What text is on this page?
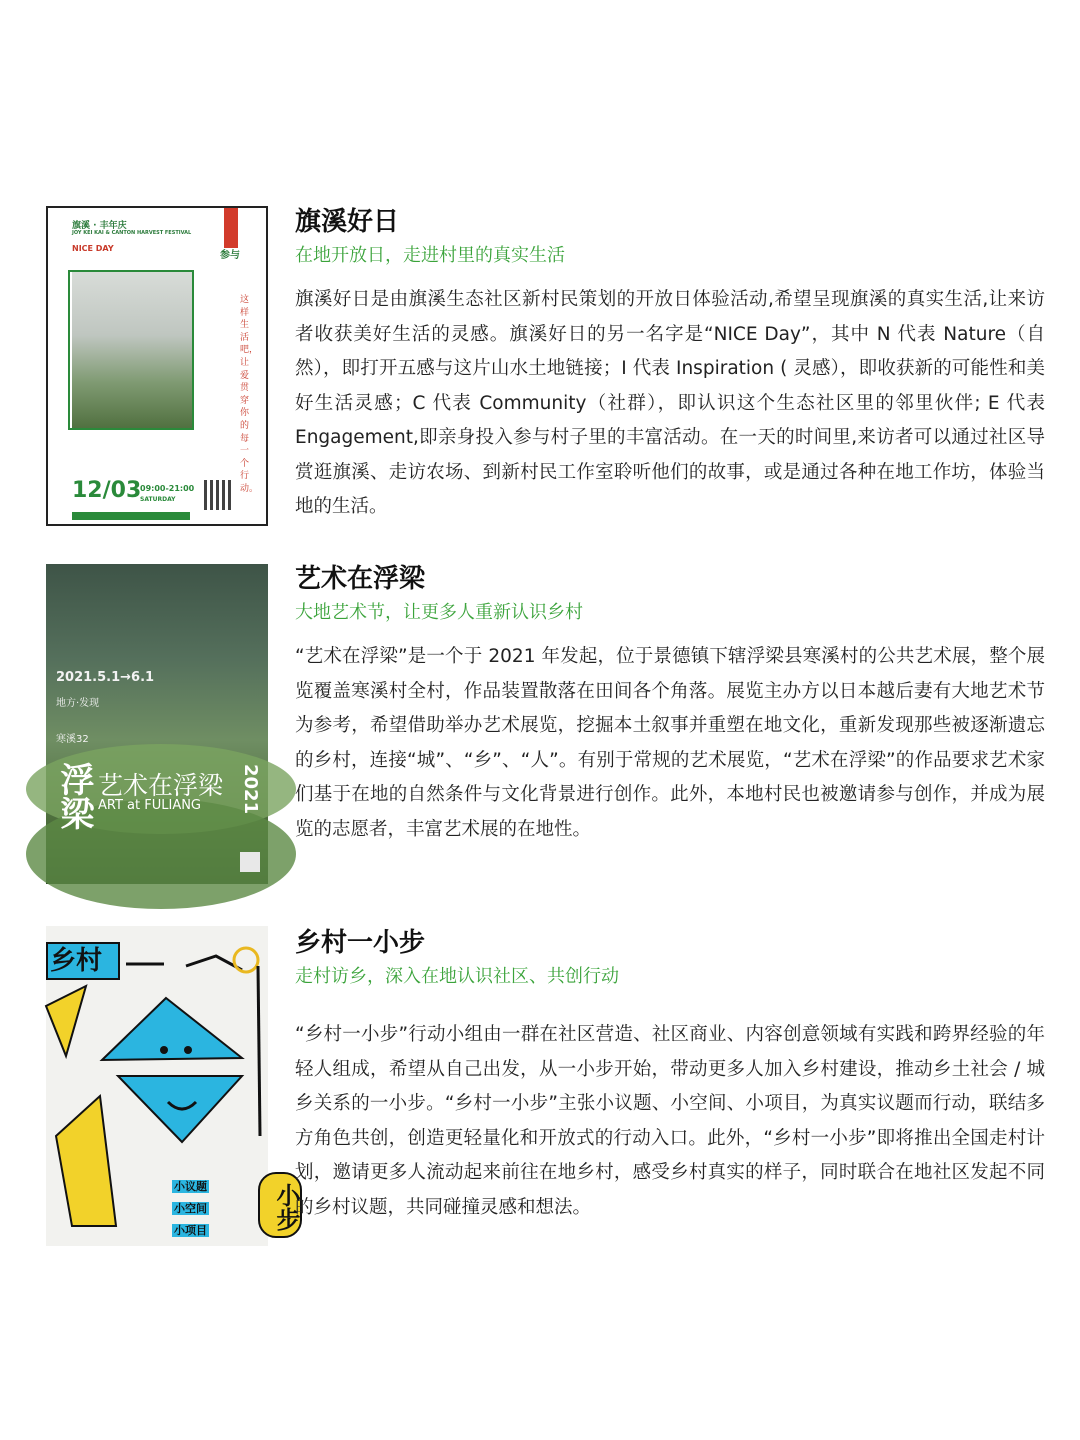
旗溪 · 丰年庆
JOY KEI KAI & CANTON HARVEST FESTIVAL
NICE DAY
参与
这样生活吧，让爱贯穿你的每一个行动。
12/03
09:00-21:00
SATURDAY
旗溪好日
在地开放日，走进村里的真实生活
旗溪好日是由旗溪生态社区新村民策划的开放日体验活动,希望呈现旗溪的真实生活,让来访者收获美好生活的灵感。旗溪好日的另一名字是“NICE Day”，其中 N 代表 Nature（自然），即打开五感与这片山水土地链接；I 代表 Inspiration ( 灵感），即收获新的可能性和美好生活灵感；C 代表 Community（社群），即认识这个生态社区里的邻里伙伴; E 代表 Engagement,即亲身投入参与村子里的丰富活动。在一天的时间里,来访者可以通过社区导赏逛旗溪、走访农场、到新村民工作室聆听他们的故事，或是通过各种在地工作坊，体验当地的生活。
2021.5.1→6.1
地方·发现
寒溪32
浮梁 艺术在浮梁
ART at FULIANG 2021
艺术在浮梁
大地艺术节，让更多人重新认识乡村
“艺术在浮梁”是一个于 2021 年发起，位于景德镇下辖浮梁县寒溪村的公共艺术展，整个展览覆盖寒溪村全村，作品装置散落在田间各个角落。展览主办方以日本越后妻有大地艺术节为参考，希望借助举办艺术展览，挖掘本土叙事并重塑在地文化，重新发现那些被逐渐遗忘的乡村，连接“城”、“乡”、“人”。有别于常规的艺术展览，“艺术在浮梁”的作品要求艺术家们基于在地的自然条件与文化背景进行创作。此外，本地村民也被邀请参与创作，并成为展览的志愿者，丰富艺术展的在地性。
乡村
小步
小议题
小空间
小项目
乡村一小步
走村访乡，深入在地认识社区、共创行动
“乡村一小步”行动小组由一群在社区营造、社区商业、内容创意领域有实践和跨界经验的年轻人组成，希望从自己出发，从一小步开始，带动更多人加入乡村建设，推动乡土社会 / 城乡关系的一小步。“乡村一小步”主张小议题、小空间、小项目，为真实议题而行动，联结多方角色共创，创造更轻量化和开放式的行动入口。此外，“乡村一小步”即将推出全国走村计划，邀请更多人流动起来前往在地乡村，感受乡村真实的样子，同时联合在地社区发起不同的乡村议题，共同碰撞灵感和想法。
